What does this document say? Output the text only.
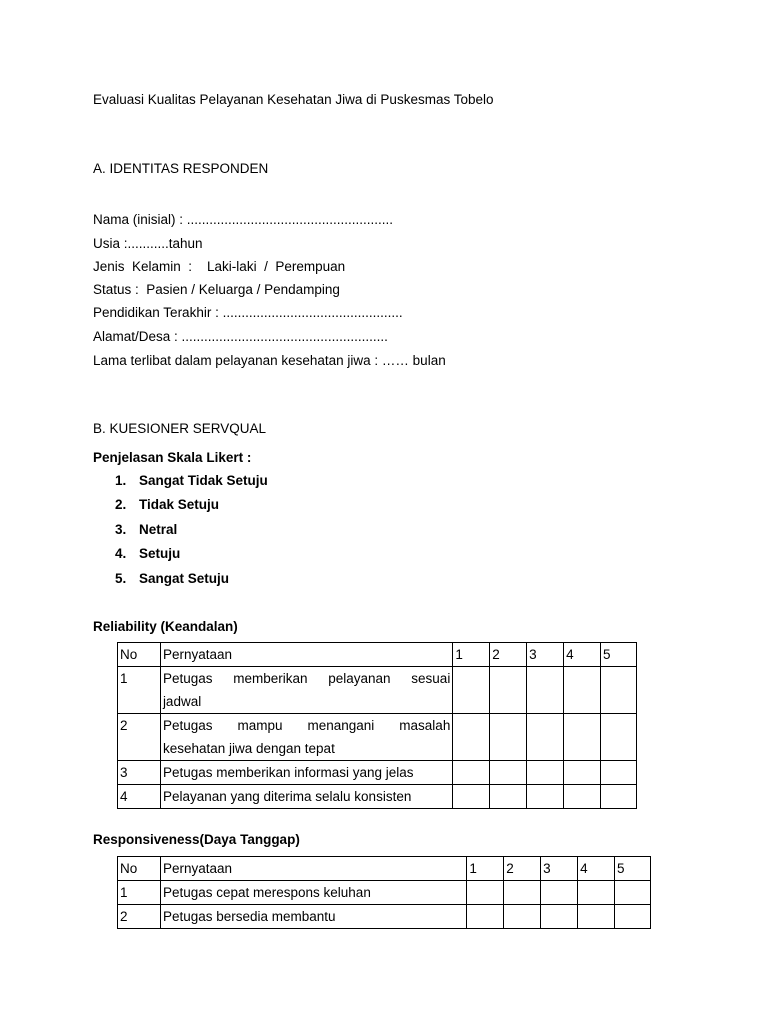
Evaluasi Kualitas Pelayanan Kesehatan Jiwa di Puskesmas Tobelo
A. IDENTITAS RESPONDEN
Nama (inisial) : .......................................................
Usia :...........tahun
Jenis  Kelamin  :    Laki-laki  /  Perempuan
Status :  Pasien / Keluarga / Pendamping
Pendidikan Terakhir : ................................................
Alamat/Desa : .......................................................
Lama terlibat dalam pelayanan kesehatan jiwa : …… bulan
B. KUESIONER SERVQUAL
Penjelasan Skala Likert :
1. Sangat Tidak Setuju
2. Tidak Setuju
3. Netral
4. Setuju
5. Sangat Setuju
Reliability (Keandalan)
No	Pernyataan	1	2	3	4	5
1	Petugas memberikan pelayanan sesuai
jadwal					

2	Petugas mampu menangani masalah
kesehatan jiwa dengan tepat					

3	Petugas memberikan informasi yang jelas					
4	Pelayanan yang diterima selalu konsisten					
Responsiveness(Daya Tanggap)
No	Pernyataan	1	2	3	4	5
1	Petugas cepat merespons keluhan					
2	Petugas bersedia membantu					
